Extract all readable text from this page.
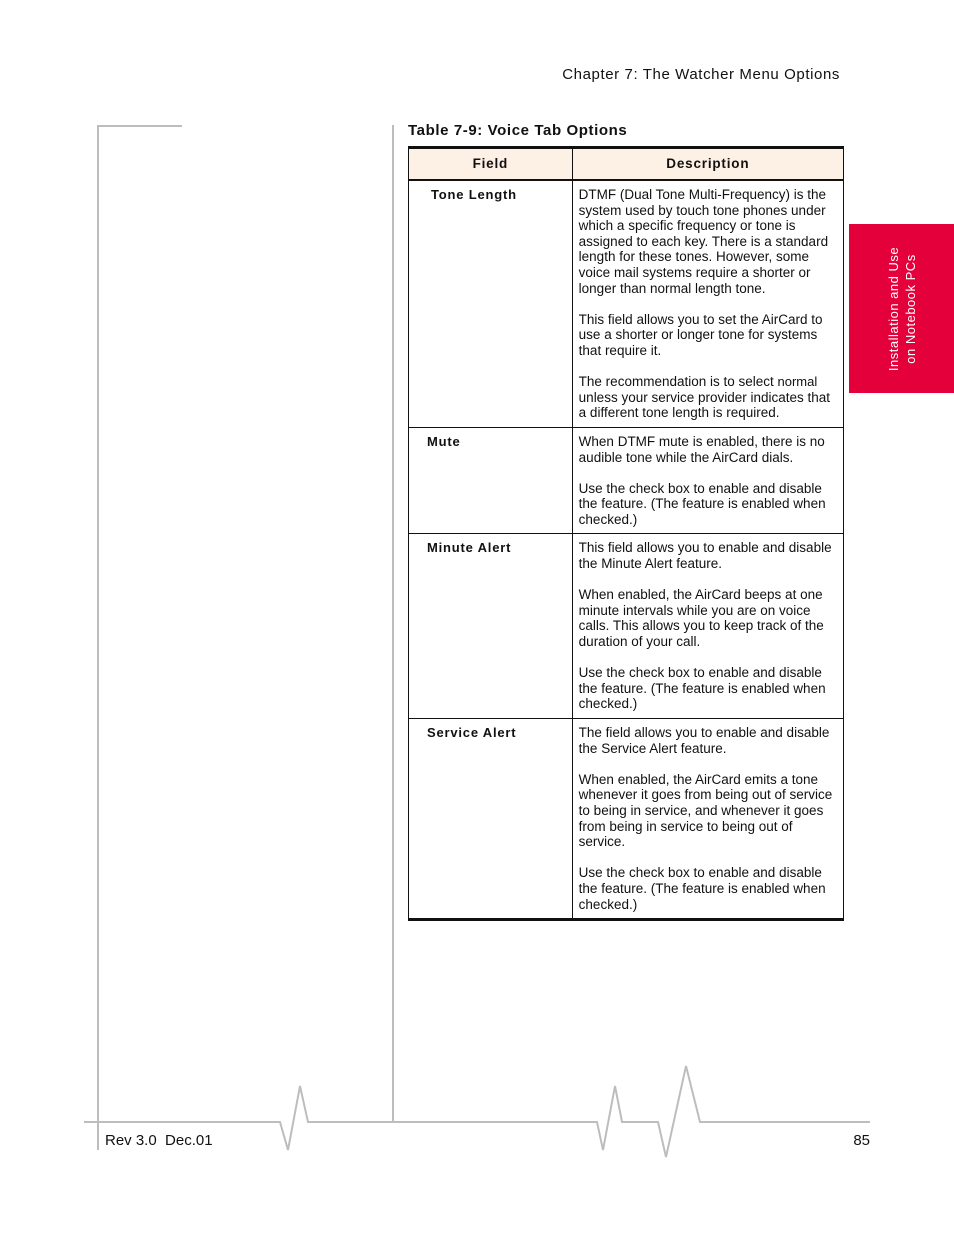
Chapter 7: The Watcher Menu Options
Installation and Use on Notebook PCs
Table 7-9: Voice Tab Options
Field	Description
Tone Length	DTMF (Dual Tone Multi-Frequency) is the system used by touch tone phones under which a specific frequency or tone is assigned to each key. There is a standard length for these tones. However, some voice mail systems require a shorter or longer than normal length tone.

This field allows you to set the AirCard to use a shorter or longer tone for systems that require it.

The recommendation is to select normal unless your service provider indicates that a different tone length is required.

Mute	When DTMF mute is enabled, there is no audible tone while the AirCard dials.

Use the check box to enable and disable the feature. (The feature is enabled when checked.)

Minute Alert	This field allows you to enable and disable the Minute Alert feature.

When enabled, the AirCard beeps at one minute intervals while you are on voice calls. This allows you to keep track of the duration of your call.

Use the check box to enable and disable the feature. (The feature is enabled when checked.)

Service Alert	The field allows you to enable and disable the Service Alert feature.

When enabled, the AirCard emits a tone whenever it goes from being out of service to being in service, and whenever it goes from being in service to being out of service.

Use the check box to enable and disable the feature. (The feature is enabled when checked.)

Rev 3.0  Dec.01	85
